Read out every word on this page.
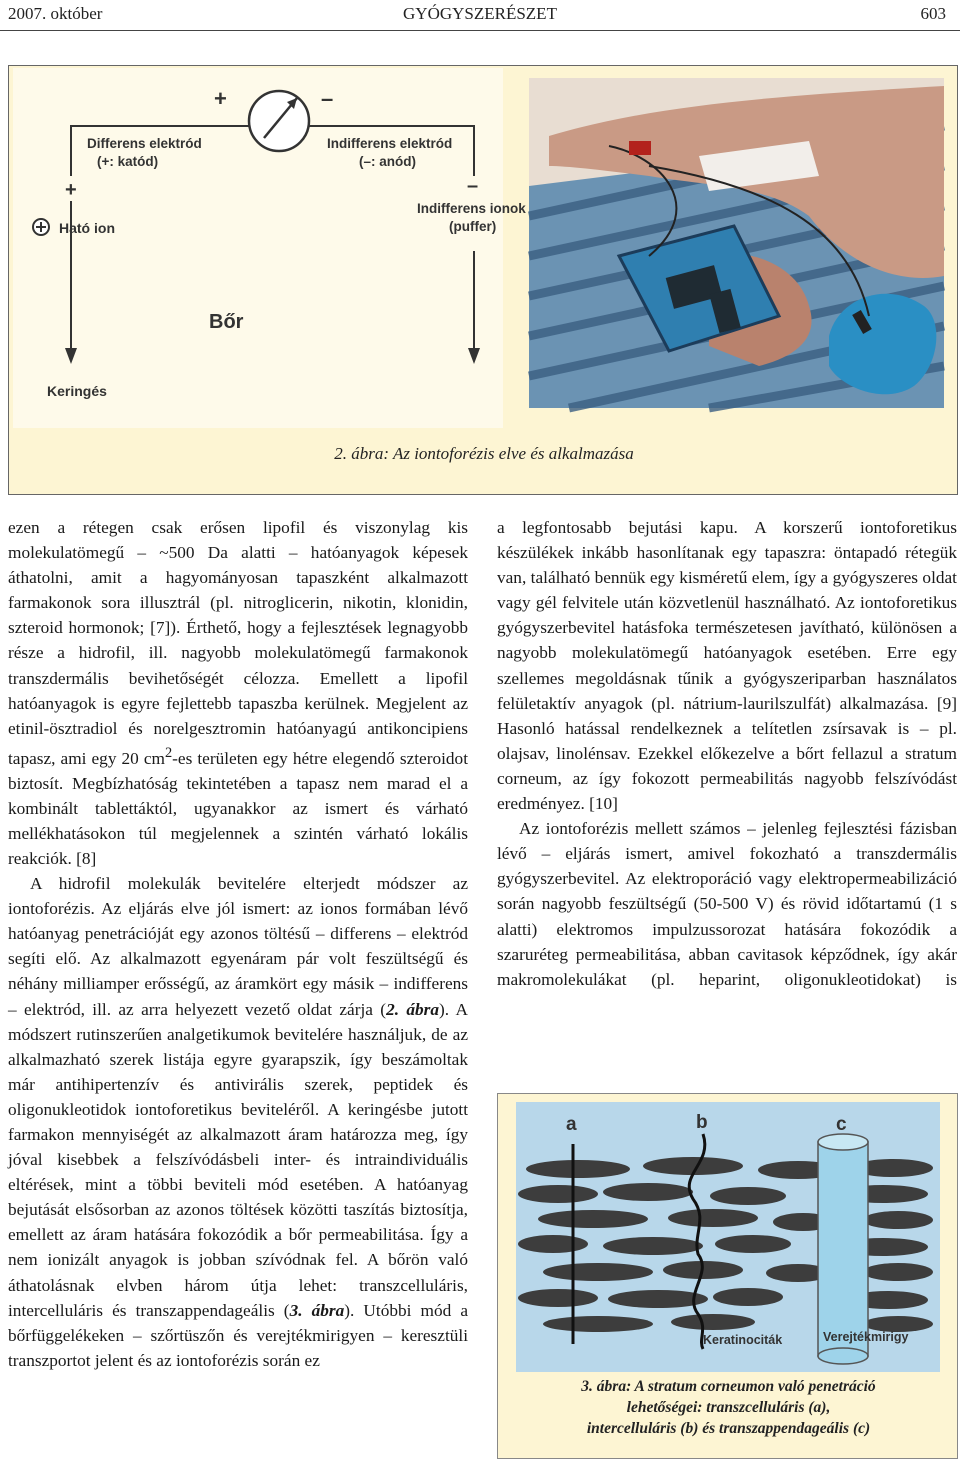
2007. október	GYÓGYSZERÉSZET	603
+	–
Differens elektród
(+: katód)
Indifferens elektród
(–: anód)
+	–
Ható ion
Indifferens ionok
(puffer)
Bőr
Keringés
2. ábra: Az iontoforézis elve és alkalmazása

ezen a rétegen csak erősen lipofil és viszonylag kis molekulatömegű – ~500 Da alatti – hatóanyagok képesek áthatolni, amit a hagyományosan tapaszként alkalmazott farmakonok sora illusztrál (pl. nitroglicerin, nikotin, klonidin, szteroid hormonok; [7]). Érthető, hogy a fejlesztések legnagyobb része a hidrofil, ill. nagyobb molekulatömegű farmakonok transzdermális bevihetőségét célozza. Emellett a lipofil hatóanyagok is egyre fejlettebb tapaszba kerülnek. Megjelent az etinil-ösztradiol és norelgesztromin hatóanyagú antikoncipiens tapasz, ami egy 20 $cm^2-es$ területen egy hétre elegendő szteroidot biztosít. Megbízhatóság tekintetében a tapasz nem marad el a kombinált tablettáktól, ugyanakkor az ismert és várható mellékhatásokon túl megjelennek a szintén várható lokális reakciók. [8]

A hidrofil molekulák bevitelére elterjedt módszer az iontoforézis. Az eljárás elve jól ismert: az ionos formában lévő hatóanyag penetrációját egy azonos töltésű – differens – elektród segíti elő. Az alkalmazott egyenáram pár volt feszültségű és néhány milliamper erősségű, az áramkört egy másik – indifferens – elektród, ill. az arra helyezett vezető oldat zárja (2. ábra). A módszert rutinszerűen analgetikumok bevitelére használjuk, de az alkalmazható szerek listája egyre gyarapszik, így beszámoltak már antihipertenzív és antivirális szerek, peptidek és oligonukleotidok iontoforetikus beviteléről. A keringésbe jutott farmakon mennyiségét az alkalmazott áram határozza meg, így jóval kisebbek a felszívódásbeli inter- és intraindividuális eltérések, mint a többi beviteli mód esetében. A hatóanyag bejutását elsősorban az azonos töltések közötti taszítás biztosítja, emellett az áram hatására fokozódik a bőr permeabilitása. Így a nem ionizált anyagok is jobban szívódnak fel. A bőrön való áthatolásnak elvben három útja lehet: transzcelluláris, intercelluláris és transzappendageális (3. ábra). Utóbbi mód a bőrfüggelékeken – szőrtüszőn és verejtékmirigyen – keresztüli transzportot jelent és az iontoforézis során ez

a legfontosabb bejutási kapu. A korszerű iontoforetikus készülékek inkább hasonlítanak egy tapaszra: öntapadó rétegük van, található bennük egy kisméretű elem, így a gyógyszeres oldat vagy gél felvitele után közvetlenül használható. Az iontoforetikus gyógyszerbevitel hatásfoka természetesen javítható, különösen a nagyobb molekulatömegű hatóanyagok esetében. Erre egy szellemes megoldásnak tűnik a gyógyszeriparban használatos felületaktív anyagok (pl. nátrium-laurilszulfát) alkalmazása. [9] Hasonló hatással rendelkeznek a telítetlen zsírsavak is – pl. olajsav, linolénsav. Ezekkel előkezelve a bőrt fellazul a stratum corneum, az így fokozott permeabilitás nagyobb felszívódást eredményez. [10]

Az iontoforézis mellett számos – jelenleg fejlesztési fázisban lévő – eljárás ismert, amivel fokozható a transzdermális gyógyszerbevitel. Az elektroporáció vagy elektropermeabilizáció során nagyobb feszültségű (50-500 V) és rövid időtartamú (1 s alatti) elektromos impulzussorozat hatására fokozódik a szaruréteg permeabilitása, abban cavitasok képződnek, így akár makromolekulákat (pl. heparint, oligonukleotidokat) is

a	b	c
Keratinociták	Verejtékmirigy
3. ábra: A stratum corneumon való penetráció
lehetőségei: transzcelluláris (a),
intercelluláris (b) és transzappendageális (c)
